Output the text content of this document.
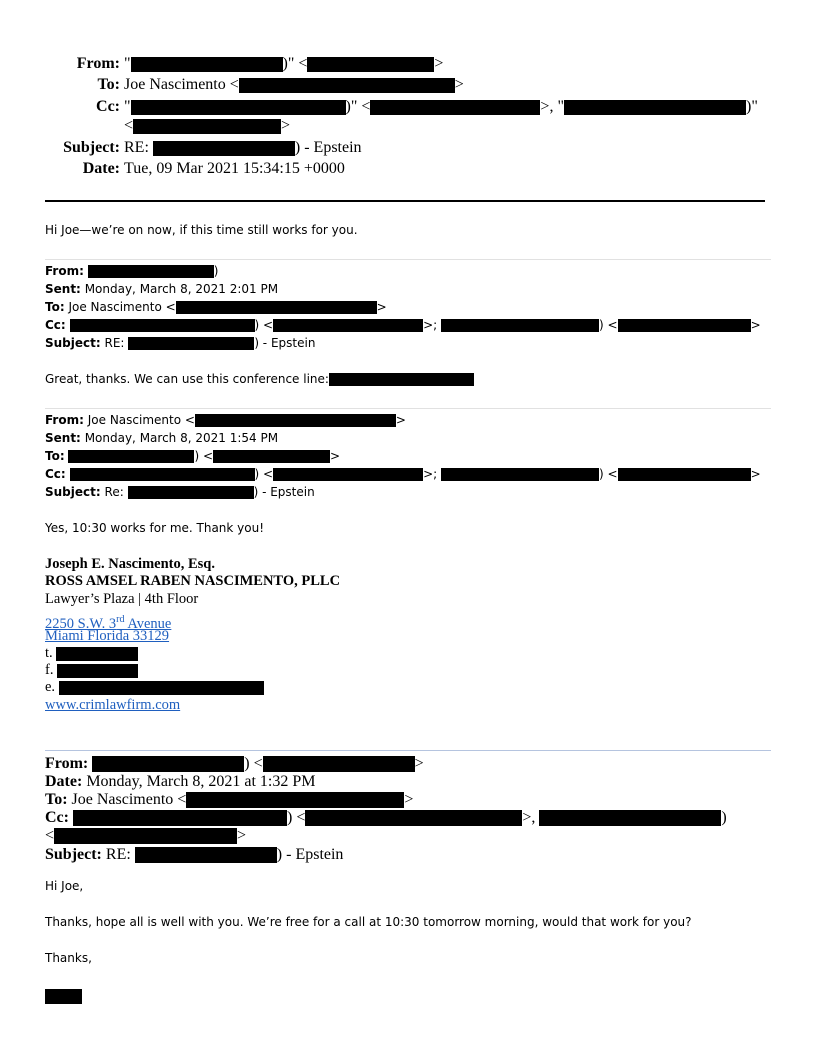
From: "	)" <	>
To: Joe Nascimento <	>
Cc: "	)" <	>, "	)"
<	>
Subject: RE:	) - Epstein
Date: Tue, 09 Mar 2021 15:34:15 +0000
Hi Joe—we’re on now, if this time still works for you.
From:	)
Sent: Monday, March 8, 2021 2:01 PM
To: Joe Nascimento <	>
Cc:	) <	>;	) <	>
Subject: RE:	) - Epstein
Great, thanks. We can use this conference line:
From: Joe Nascimento <	>
Sent: Monday, March 8, 2021 1:54 PM
To:	) <	>
Cc:	) <	>;	) <	>
Subject: Re:	) - Epstein
Yes, 10:30 works for me. Thank you!
Joseph E. Nascimento, Esq.
ROSS AMSEL RABEN NASCIMENTO, PLLC
Lawyer’s Plaza | 4th Floor
2250 S.W. 3rd Avenue
Miami Florida 33129
t.
f.
e.
www.crimlawfirm.com
From:	) <	>
Date: Monday, March 8, 2021 at 1:32 PM
To: Joe Nascimento <	>
Cc:	) <	>,	)
<	>
Subject: RE:	) - Epstein
Hi Joe,
Thanks, hope all is well with you. We’re free for a call at 10:30 tomorrow morning, would that work for you?
Thanks,
